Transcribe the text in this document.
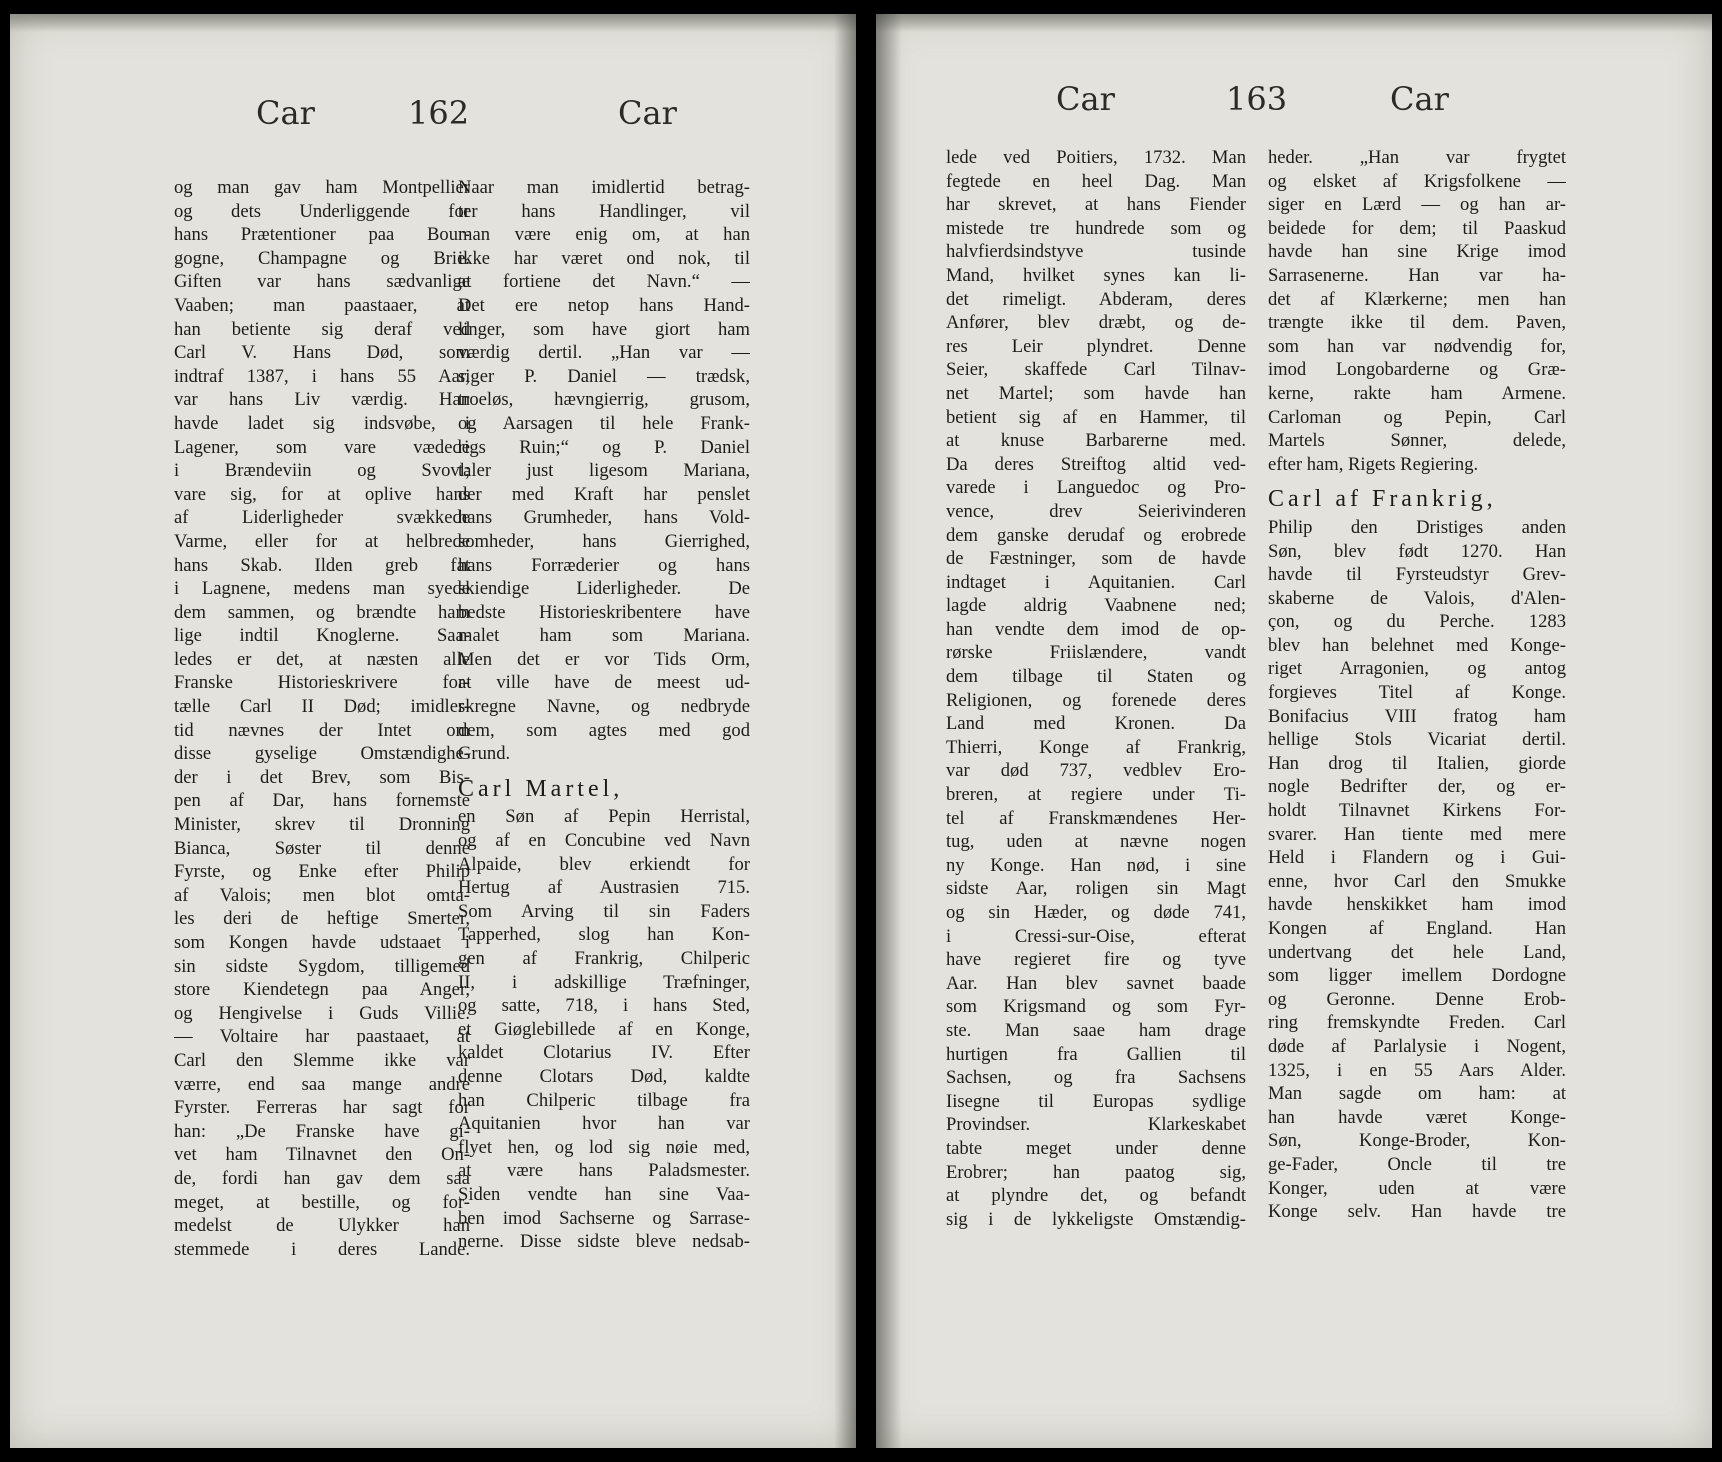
Car	162	Car
og man gav ham Montpellier
og dets Underliggende for
hans Prætentioner paa Bour-
gogne, Champagne og Brie.
Giften var hans sædvanlige
Vaaben; man paastaaer, at
han betiente sig deraf ved
Carl V. Hans Død, som
indtraf 1387, i hans 55 Aar,
var hans Liv værdig. Han
havde ladet sig indsvøbe, i
Lagener, som vare vædede
i Brændeviin og Svovl;
vare sig, for at oplive hans
af Liderligheder svækkede
Varme, eller for at helbrede
hans Skab. Ilden greb fat
i Lagnene, medens man syede
dem sammen, og brændte ham
lige indtil Knoglerne. Saa-
ledes er det, at næsten alle
Franske Historieskrivere for-
tælle Carl II Død; imidler-
tid nævnes der Intet om
disse gyselige Omstændighe-
der i det Brev, som Bis-
pen af Dar, hans fornemste
Minister, skrev til Dronning
Bianca, Søster til denne
Fyrste, og Enke efter Philip
af Valois; men blot omta-
les deri de heftige Smerter,
som Kongen havde udstaaet i
sin sidste Sygdom, tilligemed
store Kiendetegn paa Anger,
og Hengivelse i Guds Villie.
— Voltaire har paastaaet, at
Carl den Slemme ikke var
værre, end saa mange andre
Fyrster. Ferreras har sagt for
han: „De Franske have gi-
vet ham Tilnavnet den On-
de, fordi han gav dem saa
meget, at bestille, og for-
medelst de Ulykker han
stemmede i deres Lande.
Naar man imidlertid betrag-
ter hans Handlinger, vil
man være enig om, at han
ikke har været ond nok, til
at fortiene det Navn.“ —
Det ere netop hans Hand-
linger, som have giort ham
værdig dertil. „Han var —
siger P. Daniel — trædsk,
troeløs, hævngierrig, grusom,
og Aarsagen til hele Frank-
rigs Ruin;“ og P. Daniel
taler just ligesom Mariana,
der med Kraft har penslet
hans Grumheder, hans Vold-
somheder, hans Gierrighed,
hans Forræderier og hans
skiendige Liderligheder. De
bedste Historieskribentere have
malet ham som Mariana.
Men det er vor Tids Orm,
at ville have de meest ud-
skregne Navne, og nedbryde
dem, som agtes med god
Grund.
Carl Martel,
en Søn af Pepin Herristal,
og af en Concubine ved Navn
Alpaide, blev erkiendt for
Hertug af Austrasien 715.
Som Arving til sin Faders
Tapperhed, slog han Kon-
gen af Frankrig, Chilperic
II, i adskillige Træfninger,
og satte, 718, i hans Sted,
et Giøglebillede af en Konge,
kaldet Clotarius IV. Efter
denne Clotars Død, kaldte
han Chilperic tilbage fra
Aquitanien hvor han var
flyet hen, og lod sig nøie med,
at være hans Paladsmester.
Siden vendte han sine Vaa-
ben imod Sachserne og Sarrase-
nerne. Disse sidste bleve nedsab-
Car	163	Car
lede ved Poitiers, 1732. Man
fegtede en heel Dag. Man
har skrevet, at hans Fiender
mistede tre hundrede som og
halvfierdsindstyve tusinde
Mand, hvilket synes kan li-
det rimeligt. Abderam, deres
Anfører, blev dræbt, og de-
res Leir plyndret. Denne
Seier, skaffede Carl Tilnav-
net Martel; som havde han
betient sig af en Hammer, til
at knuse Barbarerne med.
Da deres Streiftog altid ved-
varede i Languedoc og Pro-
vence, drev Seierivinderen
dem ganske derudaf og erobrede
de Fæstninger, som de havde
indtaget i Aquitanien. Carl
lagde aldrig Vaabnene ned;
han vendte dem imod de op-
rørske Friislændere, vandt
dem tilbage til Staten og
Religionen, og forenede deres
Land med Kronen. Da
Thierri, Konge af Frankrig,
var død 737, vedblev Ero-
breren, at regiere under Ti-
tel af Franskmændenes Her-
tug, uden at nævne nogen
ny Konge. Han nød, i sine
sidste Aar, roligen sin Magt
og sin Hæder, og døde 741,
i Cressi-sur-Oise, efterat
have regieret fire og tyve
Aar. Han blev savnet baade
som Krigsmand og som Fyr-
ste. Man saae ham drage
hurtigen fra Gallien til
Sachsen, og fra Sachsens
Iisegne til Europas sydlige
Provindser. Klarkeskabet
tabte meget under denne
Erobrer; han paatog sig,
at plyndre det, og befandt
sig i de lykkeligste Omstændig-
heder. „Han var frygtet
og elsket af Krigsfolkene —
siger en Lærd — og han ar-
beidede for dem; til Paaskud
havde han sine Krige imod
Sarrasenerne. Han var ha-
det af Klærkerne; men han
trængte ikke til dem. Paven,
som han var nødvendig for,
imod Longobarderne og Græ-
kerne, rakte ham Armene.
Carloman og Pepin, Carl
Martels Sønner, delede,
efter ham, Rigets Regiering.
Carl af Frankrig,
Philip den Dristiges anden
Søn, blev født 1270. Han
havde til Fyrsteudstyr Grev-
skaberne de Valois, d'Alen-
çon, og du Perche. 1283
blev han belehnet med Konge-
riget Arragonien, og antog
forgieves Titel af Konge.
Bonifacius VIII fratog ham
hellige Stols Vicariat dertil.
Han drog til Italien, giorde
nogle Bedrifter der, og er-
holdt Tilnavnet Kirkens For-
svarer. Han tiente med mere
Held i Flandern og i Gui-
enne, hvor Carl den Smukke
havde henskikket ham imod
Kongen af England. Han
undertvang det hele Land,
som ligger imellem Dordogne
og Geronne. Denne Erob-
ring fremskyndte Freden. Carl
døde af Parlalysie i Nogent,
1325, i en 55 Aars Alder.
Man sagde om ham: at
han havde været Konge-
Søn, Konge-Broder, Kon-
ge-Fader, Oncle til tre
Konger, uden at være
Konge selv. Han havde tre
